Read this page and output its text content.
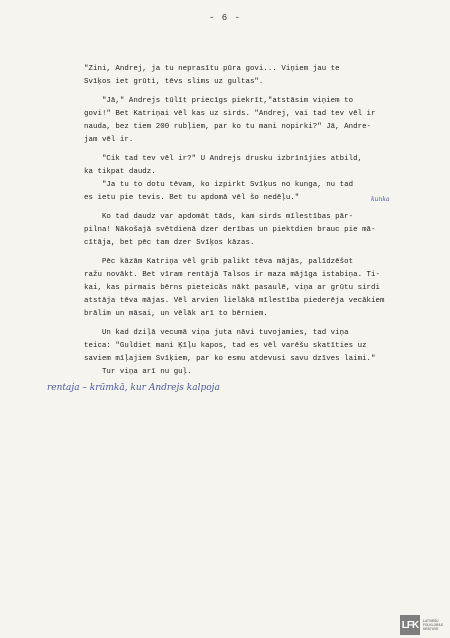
- 6 -
"Zini, Andrej, ja tu neprasītu pūra govi... Viņiem jau te
Svīķos iet grūti, tēvs slims uz gultas".
"Jā," Andrejs tūlīt priecīgs piekrīt,"atstāsim viņiem to
govi!" Bet Katriņai vēl kas uz sirds. "Andrej, vai tad tev vēl ir
nauda, bez tiem 200 rubļiem, par ko tu mani nopirki?" Jā, Andre-
jam vēl ir.
"Cik tad tev vēl ir?" U Andrejs drusku izbrīnījies atbild,
ka tikpat daudz.
"Ja tu to dotu tēvam, ko izpirkt Svīķus no kunga, nu tad
es ietu pie tevis. Bet tu apdomā vēl šo nedēļu."
Ko tad daudz var apdomāt tāds, kam sirds mīlestības pār-
pilna! Nākošajā svētdienā dzer derības un piektdien brauc pie mā-
cītāja, bet pēc tam dzer Svīķos kāzas.
Pēc kāzām Katriņa vēl grib palikt tēva mājās, palīdzēšot
ražu novākt. Bet vīram rentājā Talsos ir maza mājīga istabiņa. Ti-
kai, kas pirmais bērns pieteicās nākt pasaulē, viņa ar grūtu sirdi
atstāja tēva mājas. Vēl arvien lielākā mīlestība piederēja vecākiem
brālim un māsai, un vēlāk arī to bērniem.
Un kad dziļā vecumā viņa juta nāvi tuvojamies, tad viņa
teica: "Guldiet mani Ķīļu kapos, tad es vēl varēšu skatīties uz
saviem mīļajiem Svīķiem, par ko esmu atdevusi savu dzīves laimi."
Tur viņa arī nu guļ.
kunka
rentaja – krūmkā, kur Andrejs kalpoja
LFK	LATVIEŠU
FOLKLORAS
KRĀTUVE
